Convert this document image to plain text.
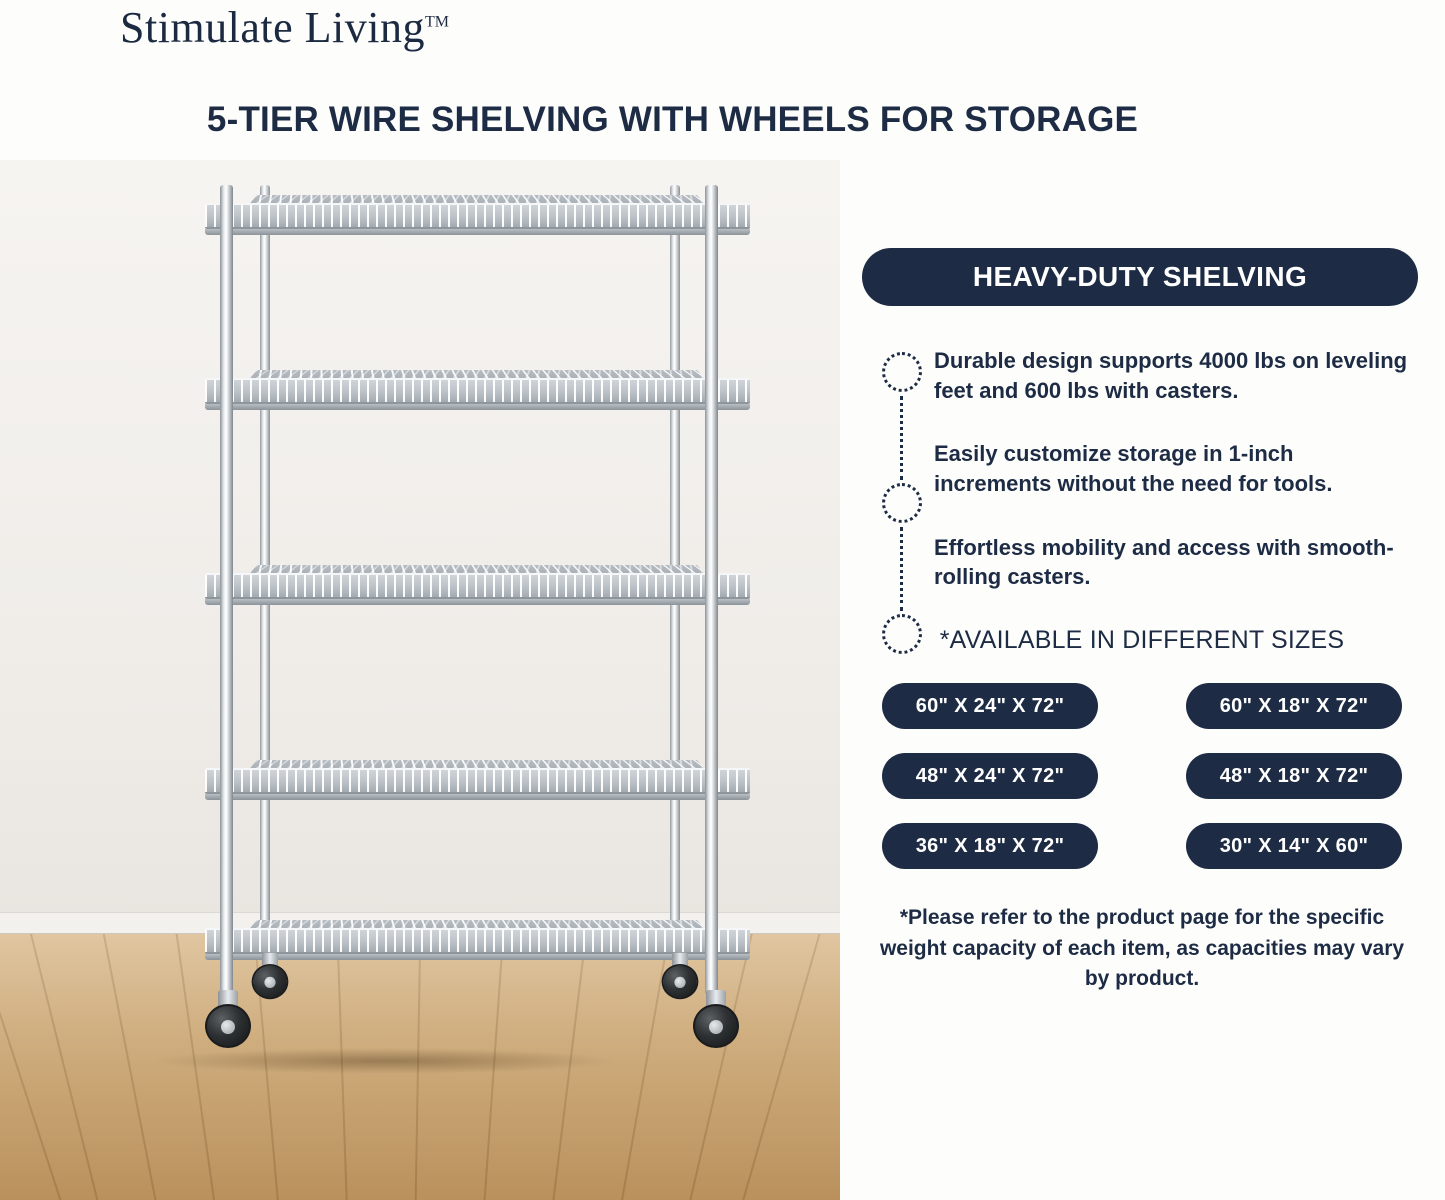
Stimulate Living™
5-TIER WIRE SHELVING WITH WHEELS FOR STORAGE
HEAVY-DUTY SHELVING
Durable design supports 4000 lbs on leveling feet and 600 lbs with casters.
Easily customize storage in 1-inch increments without the need for tools.
Effortless mobility and access with smooth-rolling casters.
*AVAILABLE IN DIFFERENT SIZES
60" X 24" X 72"	60" X 18" X 72"
48" X 24" X 72"	48" X 18" X 72"
36" X 18" X 72"	30" X 14" X 60"
*Please refer to the product page for the specific weight capacity of each item, as capacities may vary by product.
